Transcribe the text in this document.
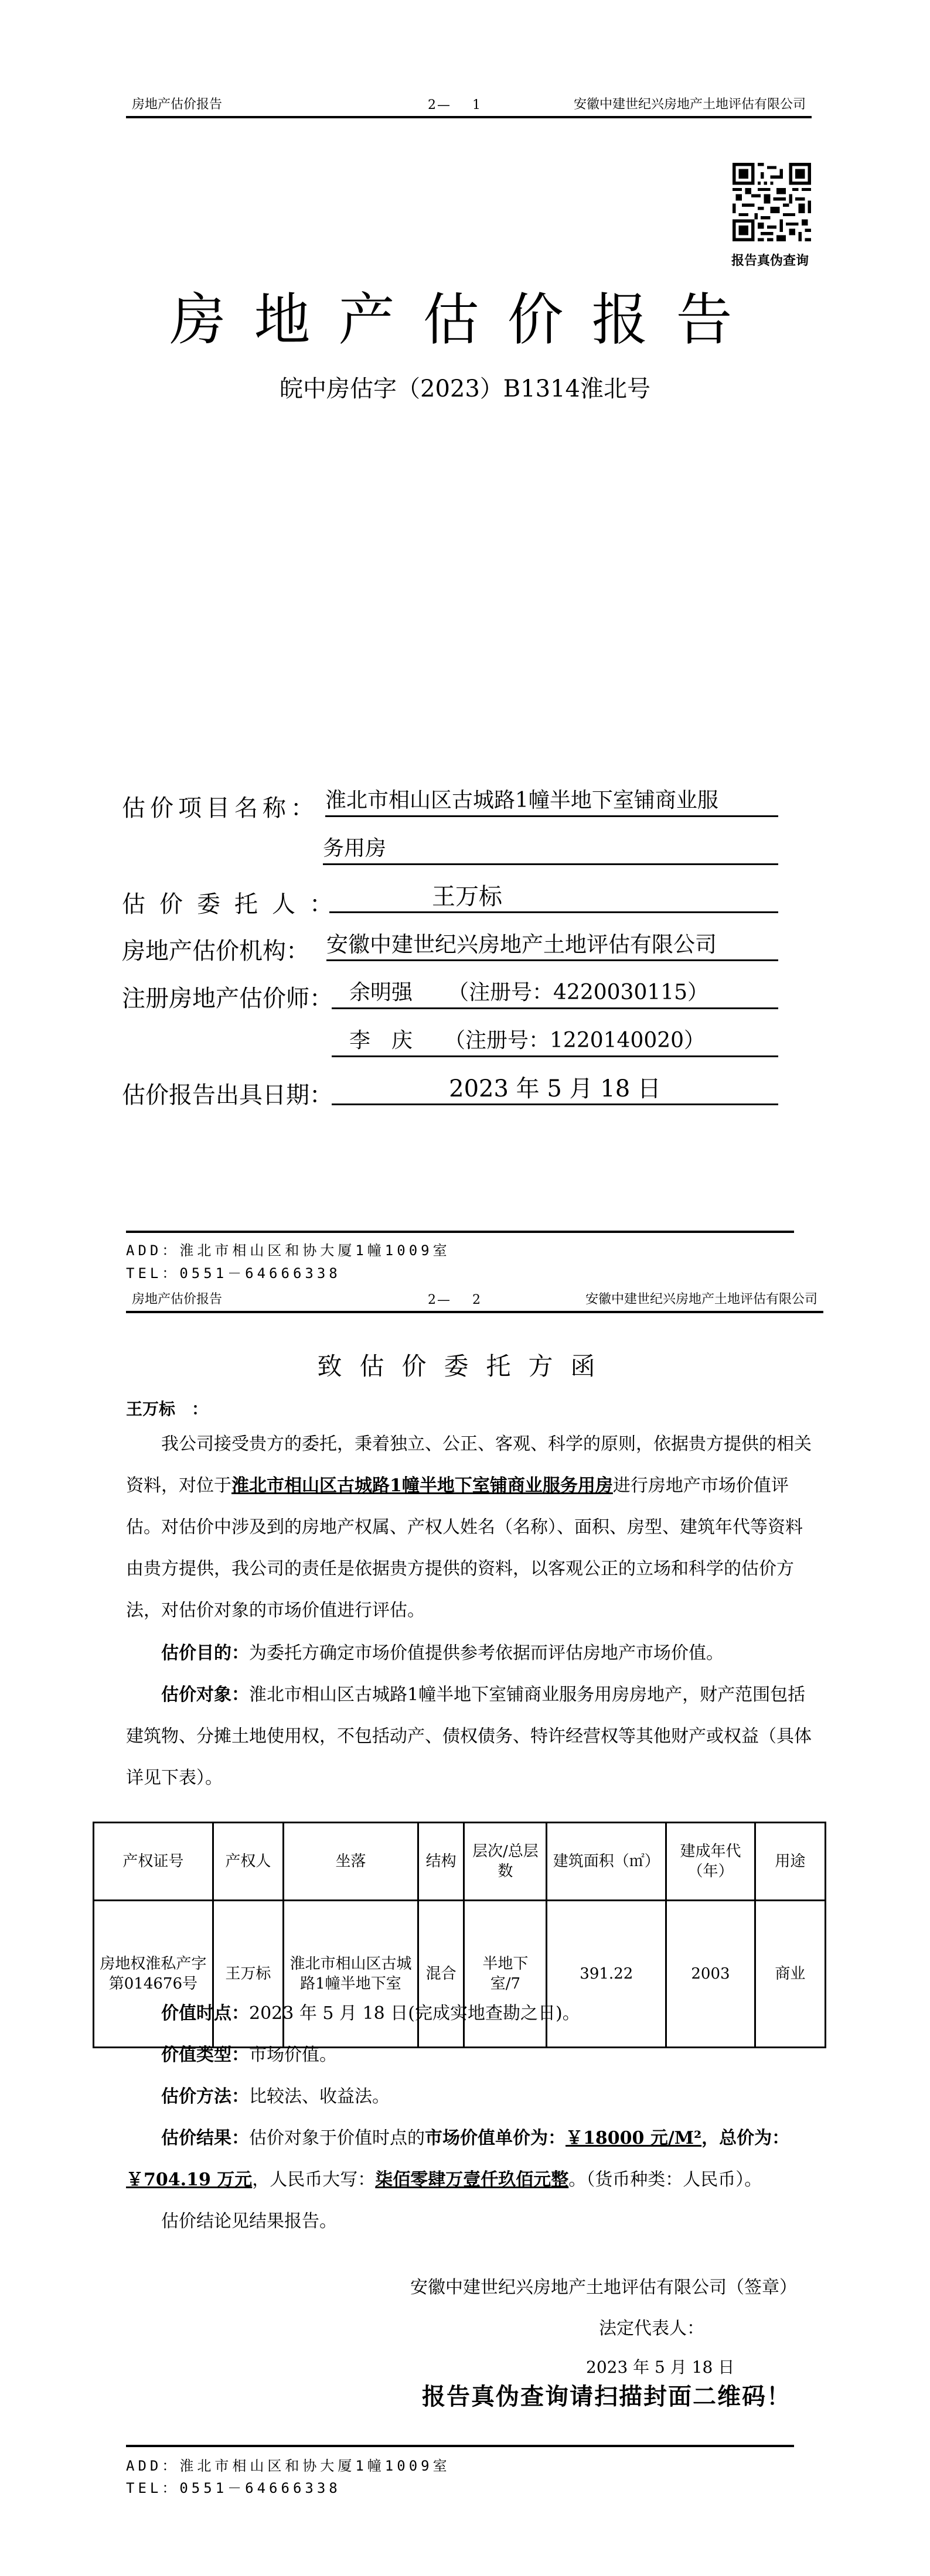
房地产估价报告	2— 1	安徽中建世纪兴房地产土地评估有限公司
报告真伪查询
房地产估价报告
皖中房估字（2023）B1314淮北号
估价项目名称： 淮北市相山区古城路1幢半地下室铺商业服
务用房
估价委托人：	王万标
房地产估价机构： 安徽中建世纪兴房地产土地评估有限公司
注册房地产估价师： 余明强 （注册号：4220030115）
李　庆 （注册号：1220140020）
估价报告出具日期：	2023 年 5 月 18 日
ADD：淮北市相山区和协大厦1幢1009室
TEL：0551－64666338
房地产估价报告	2— 2	安徽中建世纪兴房地产土地评估有限公司
致估价委托方函
王万标　：
我公司接受贵方的委托，秉着独立、公正、客观、科学的原则，依据贵方提供的相关资料，对位于淮北市相山区古城路1幢半地下室铺商业服务用房进行房地产市场价值评估。对估价中涉及到的房地产权属、产权人姓名（名称）、面积、房型、建筑年代等资料由贵方提供，我公司的责任是依据贵方提供的资料，以客观公正的立场和科学的估价方法，对估价对象的市场价值进行评估。
估价目的：为委托方确定市场价值提供参考依据而评估房地产市场价值。
估价对象：淮北市相山区古城路1幢半地下室铺商业服务用房房地产，财产范围包括建筑物、分摊土地使用权，不包括动产、债权债务、特许经营权等其他财产或权益（具体详见下表）。
产权证号	产权人	坐落	结构	层次/总层数	建筑面积（㎡）	建成年代（年）	用途
房地权淮私产字第014676号	王万标	淮北市相山区古城路1幢半地下室	混合	半地下室/7	391.22	2003	商业
价值时点：2023 年 5 月 18 日(完成实地查勘之日)。
价值类型：市场价值。
估价方法：比较法、收益法。
估价结果：估价对象于价值时点的市场价值单价为：￥18000 元/M²，总价为：￥704.19 万元，人民币大写：柒佰零肆万壹仟玖佰元整。（货币种类：人民币）。
估价结论见结果报告。
安徽中建世纪兴房地产土地评估有限公司（签章）
法定代表人：
2023 年 5 月 18 日
报告真伪查询请扫描封面二维码！
ADD：淮北市相山区和协大厦1幢1009室
TEL：0551－64666338
